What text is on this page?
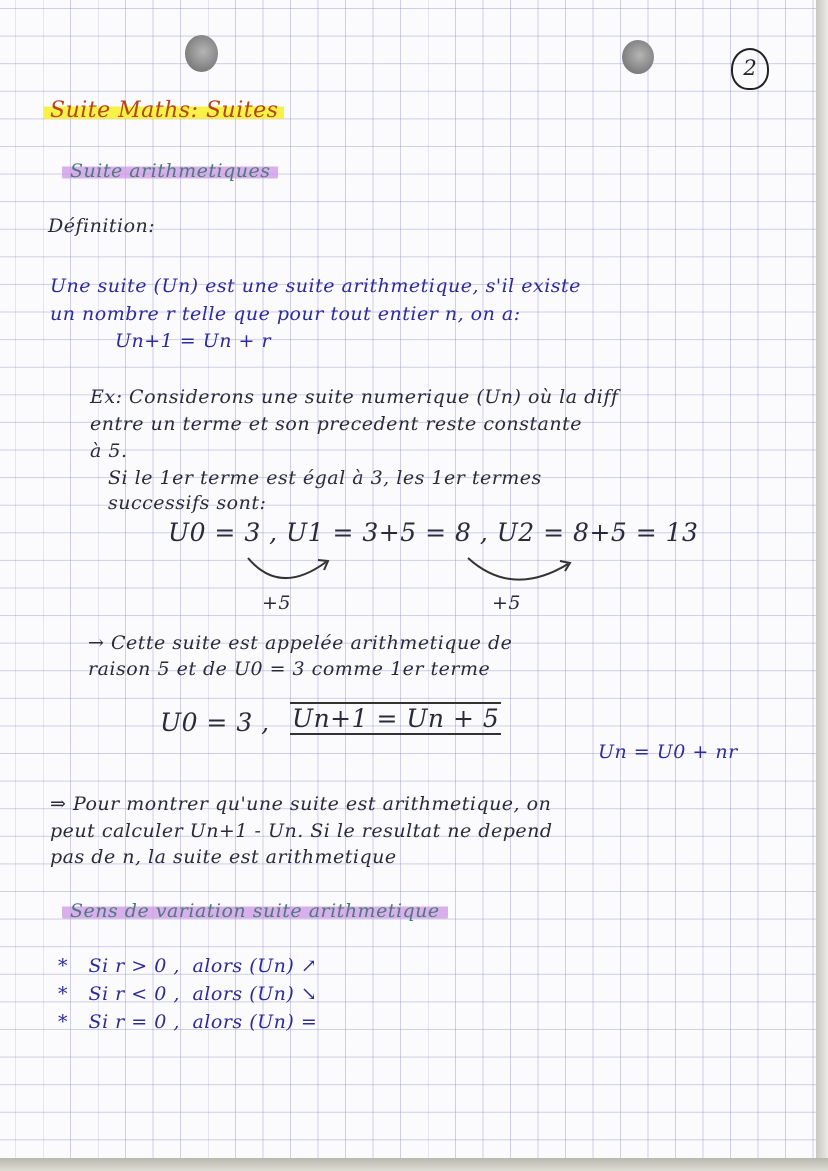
2
Suite Maths: Suites
Suite arithmetiques
Définition:
Une suite (Un) est une suite arithmetique, s'il existe
un nombre r telle que pour tout entier n, on a:
Un+1 = Un + r
Ex: Considerons une suite numerique (Un) où la diff
entre un terme et son precedent reste constante
à 5.
Si le 1er terme est égal à 3, les 1er termes
successifs sont:
U0 = 3 , U1 = 3+5 = 8 , U2 = 8+5 = 13
+5	+5
→ Cette suite est appelée arithmetique de
raison 5 et de U0 = 3 comme 1er terme
U0 = 3 , Un+1 = Un + 5
Un = U0 + nr
⇒ Pour montrer qu'une suite est arithmetique, on
peut calculer Un+1 - Un. Si le resultat ne depend
pas de n, la suite est arithmetique
Sens de variation suite arithmetique
* Si r > 0 , alors (Un) ↗
* Si r < 0 , alors (Un) ↘
* Si r = 0 , alors (Un) =
